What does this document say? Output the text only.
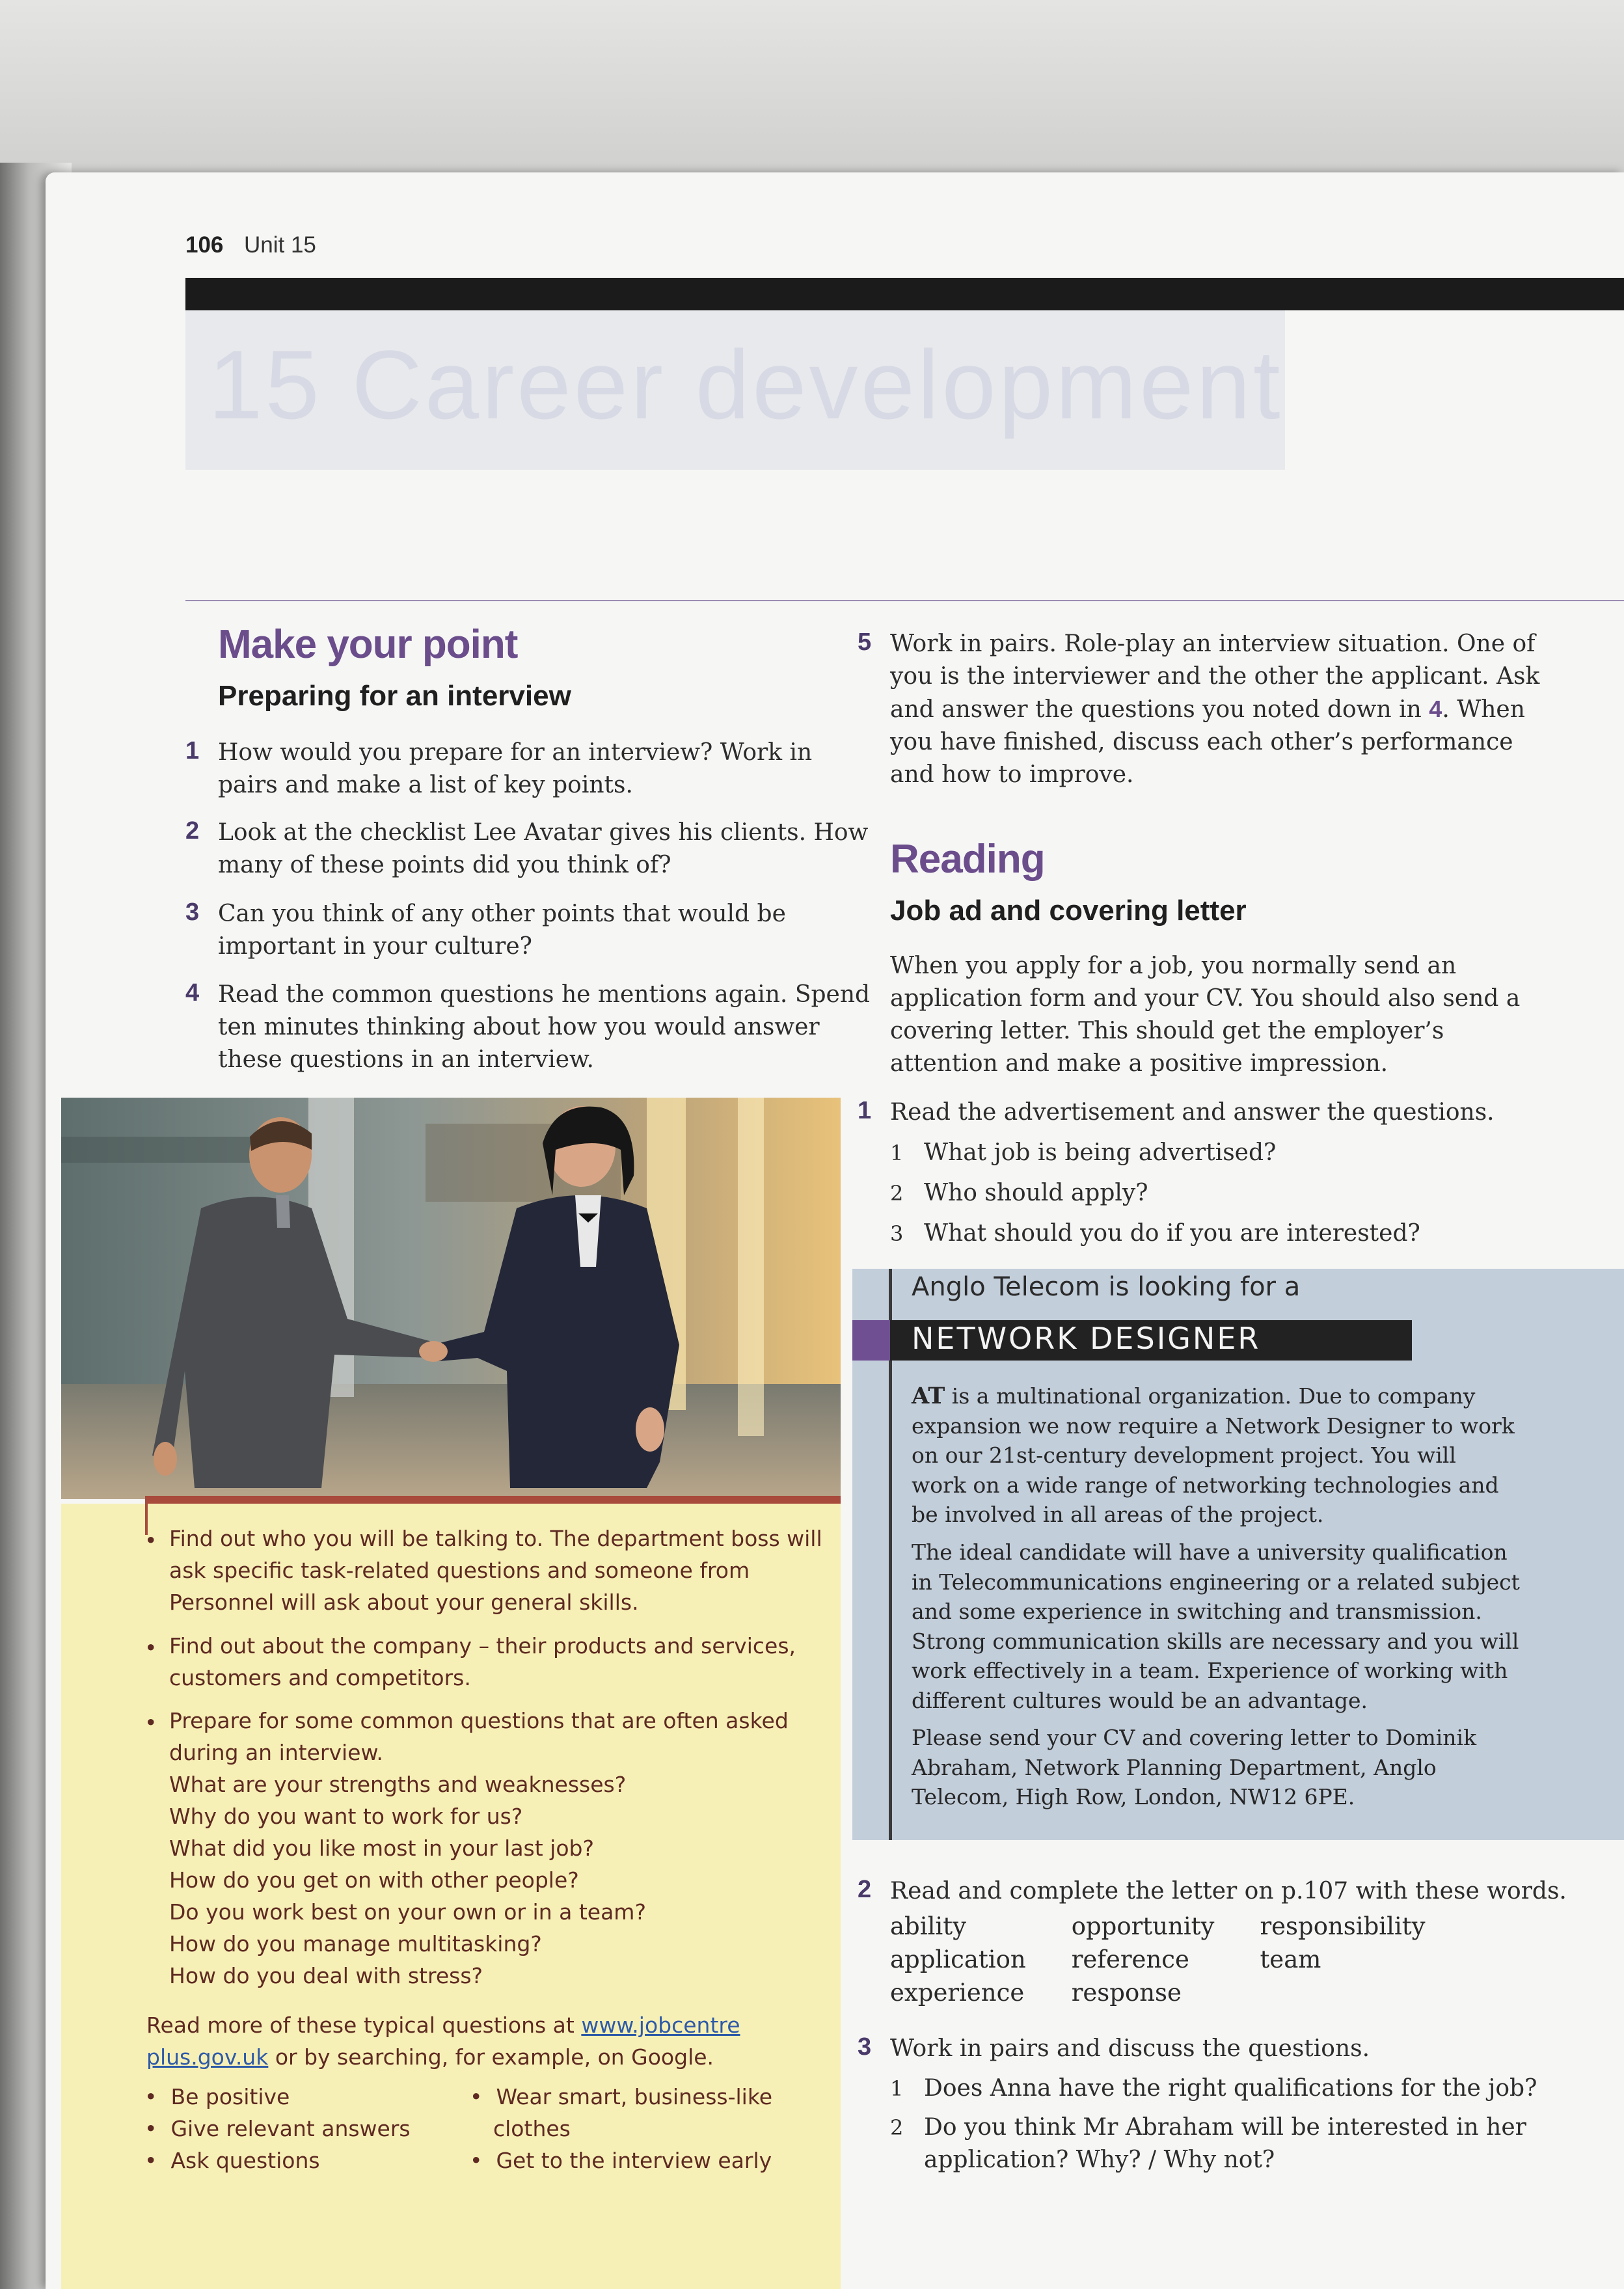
106 Unit 15
15 Career development
Make your point
Preparing for an interview
1 How would you prepare for an interview? Work in
pairs and make a list of key points.
2 Look at the checklist Lee Avatar gives his clients. How
many of these points did you think of?
3 Can you think of any other points that would be
important in your culture?
4 Read the common questions he mentions again. Spend
ten minutes thinking about how you would answer
these questions in an interview.
• Find out who you will be talking to. The department boss will
ask specific task-related questions and someone from
Personnel will ask about your general skills.
• Find out about the company – their products and services,
customers and competitors.
• Prepare for some common questions that are often asked
during an interview.
What are your strengths and weaknesses?
Why do you want to work for us?
What did you like most in your last job?
How do you get on with other people?
Do you work best on your own or in a team?
How do you manage multitasking?
How do you deal with stress?
Read more of these typical questions at www.jobcentre
plus.gov.uk or by searching, for example, on Google.
• Be positive
• Give relevant answers
• Ask questions
• Wear smart, business-like
clothes
• Get to the interview early
5 Work in pairs. Role-play an interview situation. One of
you is the interviewer and the other the applicant. Ask
and answer the questions you noted down in 4. When
you have finished, discuss each other’s performance
and how to improve.
Reading
Job ad and covering letter
When you apply for a job, you normally send an
application form and your CV. You should also send a
covering letter. This should get the employer’s
attention and make a positive impression.
1 Read the advertisement and answer the questions.
1 What job is being advertised?
2 Who should apply?
3 What should you do if you are interested?
Anglo Telecom is looking for a
NETWORK DESIGNER
AT is a multinational organization. Due to company
expansion we now require a Network Designer to work
on our 21st-century development project. You will
work on a wide range of networking technologies and
be involved in all areas of the project.
The ideal candidate will have a university qualification
in Telecommunications engineering or a related subject
and some experience in switching and transmission.
Strong communication skills are necessary and you will
work effectively in a team. Experience of working with
different cultures would be an advantage.
Please send your CV and covering letter to Dominik
Abraham, Network Planning Department, Anglo
Telecom, High Row, London, NW12 6PE.
2 Read and complete the letter on p.107 with these words.
ability	opportunity	responsibility
application	reference	team
experience	response	
3 Work in pairs and discuss the questions.
1 Does Anna have the right qualifications for the job?
2 Do you think Mr Abraham will be interested in her
application? Why? / Why not?
